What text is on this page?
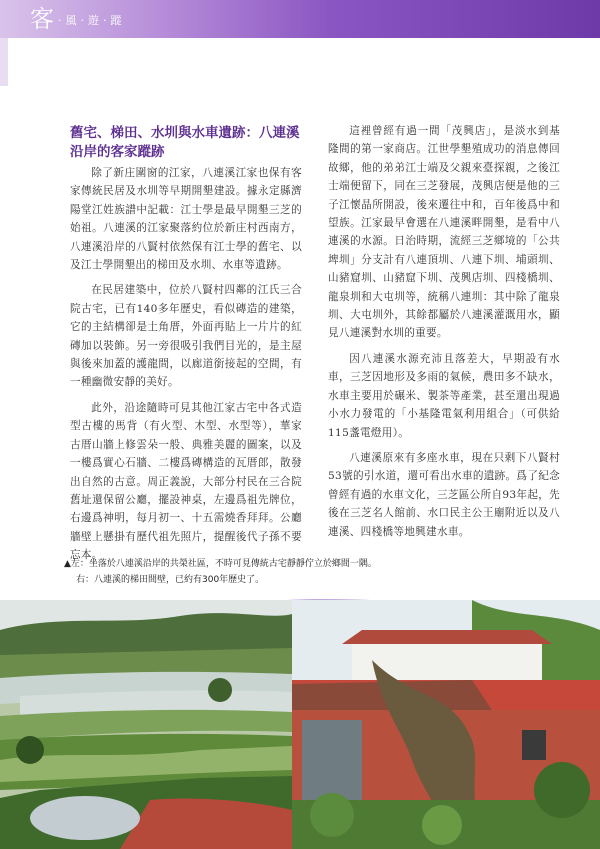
客 ·風·遊·蹤
舊宅、梯田、水圳與水車遺跡：八連溪沿岸的客家蹤跡

除了新庄圍窗的江家，八連溪江家也保有客家傳統民居及水圳等早期開墾建設。據永定縣濟陽堂江姓族譜中記載：江士學是最早開墾三芝的始祖。八連溪的江家聚落約位於新庄村西南方，八連溪沿岸的八賢村依然保有江士學的舊宅、以及江士學開墾出的梯田及水圳、水車等遺跡。

在民居建築中，位於八賢村四鄰的江氏三合院古宅，已有140多年歷史，看似磚造的建築，它的主結構卻是土角厝，外面再貼上一片片的紅磚加以裝飾。另一旁很吸引我們目光的，是主屋與後來加蓋的護龍間，以廊道銜接起的空間，有一種幽微安靜的美好。

此外，沿途隨時可見其他江家古宅中各式造型古樓的馬背（有火型、木型、水型等），華家古厝山牆上修雲朵一般、典雅美麗的圖案，以及一樓爲實心石牆、二樓爲磚構造的瓦厝郎，散發出自然的古意。周正義說，大部分村民在三合院舊址還保留公廳，擺設神桌，左邊爲祖先牌位，右邊爲神明，每月初一、十五需燒香拜拜。公廳牆壁上懸掛有歷代祖先照片，提醒後代子孫不要忘本。

這裡曾經有過一間「茂興店」，是淡水到基隆間的第一家商店。江世學墾殖成功的消息傳回故鄉，他的弟弟江士端及父親來臺探親，之後江士端便留下，同在三芝發展，茂興店便是他的三子江懷晶所開設，後來遷往中和，百年後爲中和望族。江家最早會選在八連溪畔開墾，是看中八連溪的水源。日治時期，流經三芝鄉境的「公共埤圳」分支計有八連頂圳、八連下圳、埔頭圳、山豬窟圳、山豬窟下圳、茂興店圳、四棧橋圳、龍泉圳和大屯圳等，統稱八連圳：其中除了龍泉圳、大屯圳外，其餘都屬於八連溪灌溉用水，顯見八連溪對水圳的重要。

因八連溪水源充沛且落差大，早期設有水車，三芝因地形及多雨的氣候，農田多不缺水，水車主要用於碾米、製茶等產業，甚至還出現過小水力發電的「小基隆電氣利用組合」（可供給115盞電燈用）。

八連溪原來有多座水車，現在只剩下八賢村53號的引水道，還可看出水車的遺跡。爲了紀念曾經有過的水車文化，三芝區公所自93年起，先後在三芝名人館前、水口民主公王廟附近以及八連溪、四棧橋等地興建水車。

▲左：坐落於八連溪沿岸的共榮社區，不時可見傳統古宅靜靜佇立於鄉間一隅。
右：八連溪的梯田間壁，已約有300年歷史了。
